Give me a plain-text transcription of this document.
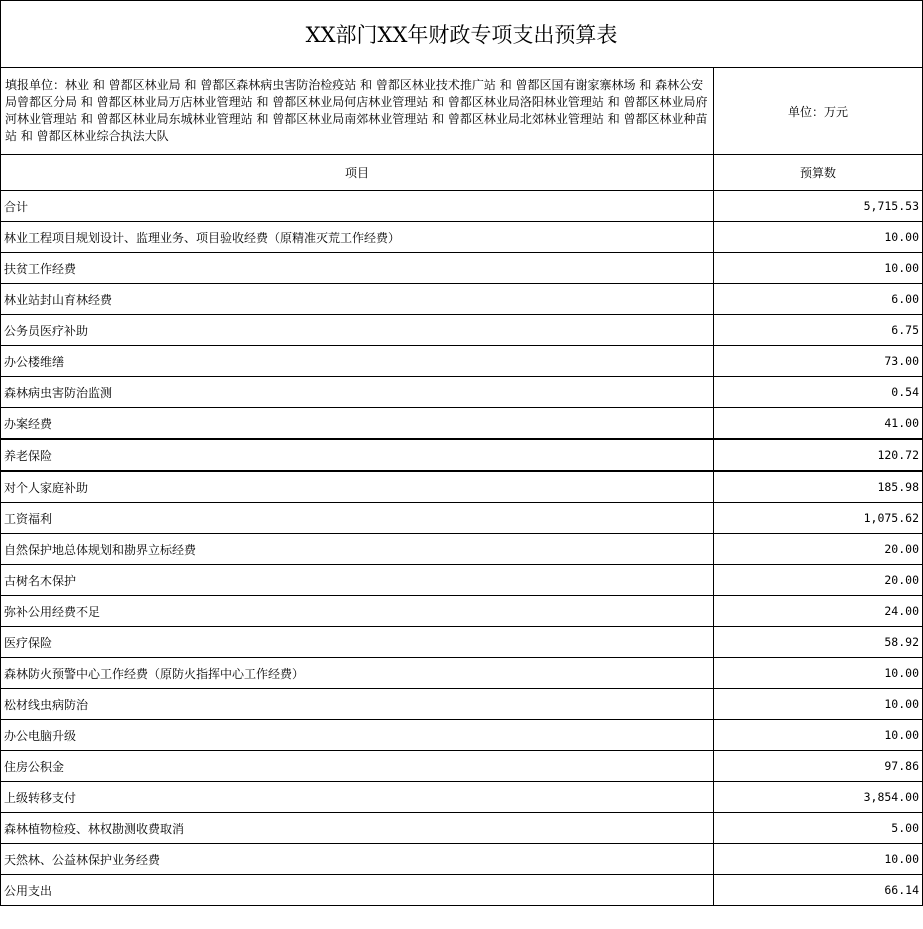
XX部门XX年财政专项支出预算表	
填报单位：林业 和 曾都区林业局 和 曾都区森林病虫害防治检疫站 和 曾都区林业技术推广站 和 曾都区国有谢家寨林场 和 森林公安局曾都区分局 和 曾都区林业局万店林业管理站 和 曾都区林业局何店林业管理站 和 曾都区林业局洛阳林业管理站 和 曾都区林业局府河林业管理站 和 曾都区林业局东城林业管理站 和 曾都区林业局南郊林业管理站 和 曾都区林业局北郊林业管理站 和 曾都区林业种苗站 和 曾都区林业综合执法大队	单位：万元
项目	预算数
合计	5,715.53
林业工程项目规划设计、监理业务、项目验收经费（原精准灭荒工作经费）	10.00
扶贫工作经费	10.00
林业站封山育林经费	6.00
公务员医疗补助	6.75
办公楼维缮	73.00
森林病虫害防治监测	0.54
办案经费	41.00
养老保险	120.72
对个人家庭补助	185.98
工资福利	1,075.62
自然保护地总体规划和勘界立标经费	20.00
古树名木保护	20.00
弥补公用经费不足	24.00
医疗保险	58.92
森林防火预警中心工作经费（原防火指挥中心工作经费）	10.00
松材线虫病防治	10.00
办公电脑升级	10.00
住房公积金	97.86
上级转移支付	3,854.00
森林植物检疫、林权勘测收费取消	5.00
天然林、公益林保护业务经费	10.00
公用支出	66.14
